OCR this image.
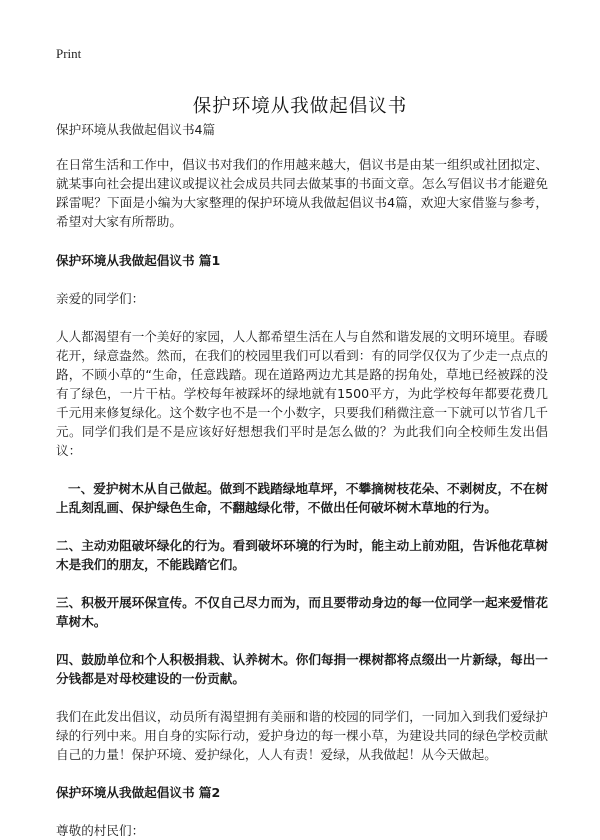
Print
保护环境从我做起倡议书

保护环境从我做起倡议书4篇

在日常生活和工作中，倡议书对我们的作用越来越大，倡议书是由某一组织或社团拟定、就某事向社会提出建议或提议社会成员共同去做某事的书面文章。怎么写倡议书才能避免踩雷呢？下面是小编为大家整理的保护环境从我做起倡议书4篇，欢迎大家借鉴与参考，希望对大家有所帮助。

保护环境从我做起倡议书 篇1

亲爱的同学们：

人人都渴望有一个美好的家园，人人都希望生活在人与自然和谐发展的文明环境里。春暖花开，绿意盎然。然而，在我们的校园里我们可以看到：有的同学仅仅为了少走一点点的路，不顾小草的“生命，任意践踏。现在道路两边尤其是路的拐角处，草地已经被踩的没有了绿色，一片干枯。学校每年被踩坏的绿地就有1500平方，为此学校每年都要花费几千元用来修复绿化。这个数字也不是一个小数字，只要我们稍微注意一下就可以节省几千元。同学们我们是不是应该好好想想我们平时是怎么做的？为此我们向全校师生发出倡议：

一、爱护树木从自己做起。做到不践踏绿地草坪，不攀摘树枝花朵、不剥树皮，不在树上乱刻乱画、保护绿色生命，不翻越绿化带，不做出任何破坏树木草地的行为。

二、主动劝阻破坏绿化的行为。看到破坏环境的行为时，能主动上前劝阻，告诉他花草树木是我们的朋友，不能践踏它们。

三、积极开展环保宣传。不仅自己尽力而为，而且要带动身边的每一位同学一起来爱惜花草树木。

四、鼓励单位和个人积极捐栽、认养树木。你们每捐一棵树都将点缀出一片新绿，每出一分钱都是对母校建设的一份贡献。

我们在此发出倡议，动员所有渴望拥有美丽和谐的校园的同学们，一同加入到我们爱绿护绿的行列中来。用自身的实际行动，爱护身边的每一棵小草，为建设共同的绿色学校贡献自己的力量！保护环境、爱护绿化，人人有责！爱绿，从我做起！从今天做起。

保护环境从我做起倡议书 篇2

尊敬的村民们：
